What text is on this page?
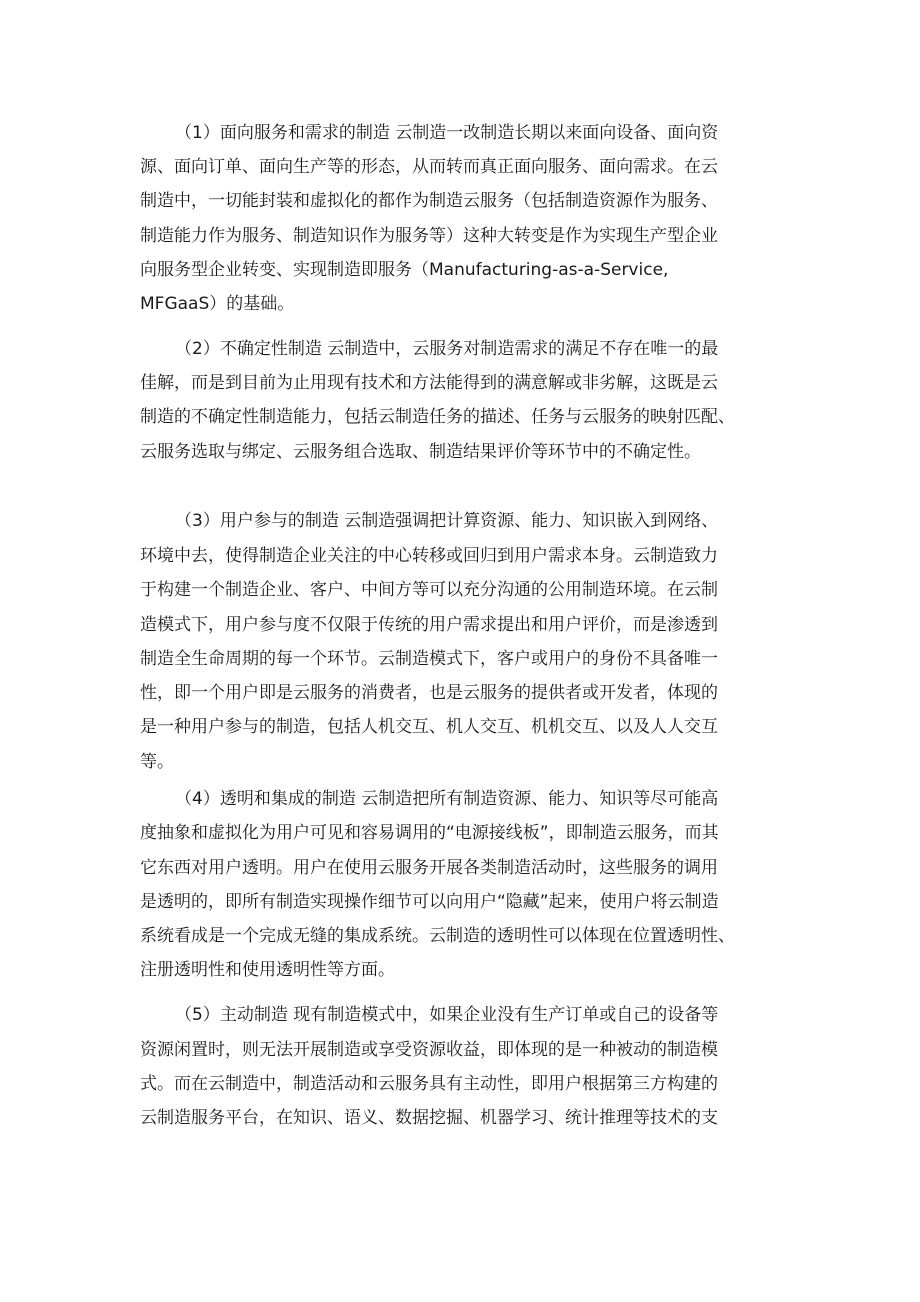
（1）面向服务和需求的制造 云制造一改制造长期以来面向设备、面向资
源、面向订单、面向生产等的形态，从而转而真正面向服务、面向需求。在云
制造中，一切能封装和虚拟化的都作为制造云服务（包括制造资源作为服务、
制造能力作为服务、制造知识作为服务等）这种大转变是作为实现生产型企业
向服务型企业转变、实现制造即服务（Manufacturing-as-a-Service,
MFGaaS）的基础。
（2）不确定性制造 云制造中，云服务对制造需求的满足不存在唯一的最
佳解，而是到目前为止用现有技术和方法能得到的满意解或非劣解，这既是云
制造的不确定性制造能力，包括云制造任务的描述、任务与云服务的映射匹配、
云服务选取与绑定、云服务组合选取、制造结果评价等环节中的不确定性。
（3）用户参与的制造 云制造强调把计算资源、能力、知识嵌入到网络、
环境中去，使得制造企业关注的中心转移或回归到用户需求本身。云制造致力
于构建一个制造企业、客户、中间方等可以充分沟通的公用制造环境。在云制
造模式下，用户参与度不仅限于传统的用户需求提出和用户评价，而是渗透到
制造全生命周期的每一个环节。云制造模式下，客户或用户的身份不具备唯一
性，即一个用户即是云服务的消费者，也是云服务的提供者或开发者，体现的
是一种用户参与的制造，包括人机交互、机人交互、机机交互、以及人人交互
等。
（4）透明和集成的制造 云制造把所有制造资源、能力、知识等尽可能高
度抽象和虚拟化为用户可见和容易调用的“电源接线板”，即制造云服务，而其
它东西对用户透明。用户在使用云服务开展各类制造活动时，这些服务的调用
是透明的，即所有制造实现操作细节可以向用户“隐藏”起来，使用户将云制造
系统看成是一个完成无缝的集成系统。云制造的透明性可以体现在位置透明性、
注册透明性和使用透明性等方面。
（5）主动制造 现有制造模式中，如果企业没有生产订单或自己的设备等
资源闲置时，则无法开展制造或享受资源收益，即体现的是一种被动的制造模
式。而在云制造中，制造活动和云服务具有主动性，即用户根据第三方构建的
云制造服务平台，在知识、语义、数据挖掘、机器学习、统计推理等技术的支
